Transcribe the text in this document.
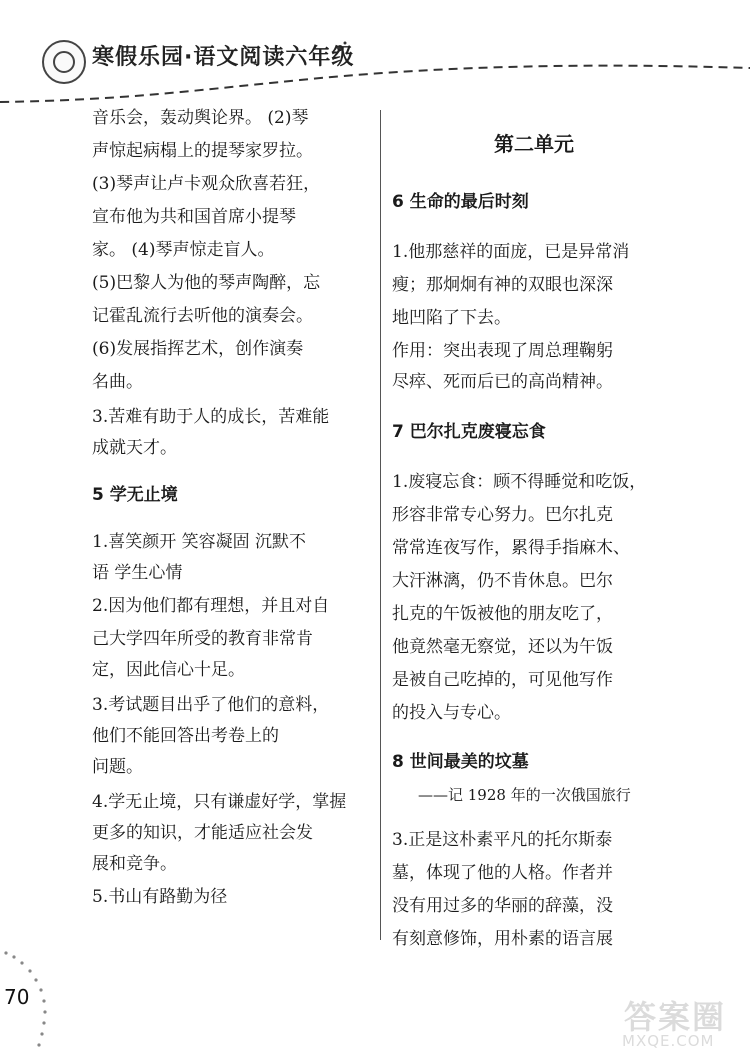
寒假乐园·语文阅读六年级
音乐会，轰动舆论界。 (2)琴
声惊起病榻上的提琴家罗拉。
(3)琴声让卢卡观众欣喜若狂，
宣布他为共和国首席小提琴
家。 (4)琴声惊走盲人。
(5)巴黎人为他的琴声陶醉，忘
记霍乱流行去听他的演奏会。
(6)发展指挥艺术，创作演奏
名曲。
3.苦难有助于人的成长，苦难能
成就天才。
5 学无止境
1.喜笑颜开 笑容凝固 沉默不
语 学生心情
2.因为他们都有理想，并且对自
己大学四年所受的教育非常肯
定，因此信心十足。
3.考试题目出乎了他们的意料，
他们不能回答出考卷上的
问题。
4.学无止境，只有谦虚好学，掌握
更多的知识，才能适应社会发
展和竞争。
5.书山有路勤为径
第二单元
6 生命的最后时刻
1.他那慈祥的面庞，已是异常消
瘦；那炯炯有神的双眼也深深
地凹陷了下去。
作用：突出表现了周总理鞠躬
尽瘁、死而后已的高尚精神。
7 巴尔扎克废寝忘食
1.废寝忘食：顾不得睡觉和吃饭，
形容非常专心努力。巴尔扎克
常常连夜写作，累得手指麻木、
大汗淋漓，仍不肯休息。巴尔
扎克的午饭被他的朋友吃了，
他竟然毫无察觉，还以为午饭
是被自己吃掉的，可见他写作
的投入与专心。
8 世间最美的坟墓
——记 1928 年的一次俄国旅行
3.正是这朴素平凡的托尔斯泰
墓，体现了他的人格。作者并
没有用过多的华丽的辞藻，没
有刻意修饰，用朴素的语言展
70
答案圈
MXQE.COM
